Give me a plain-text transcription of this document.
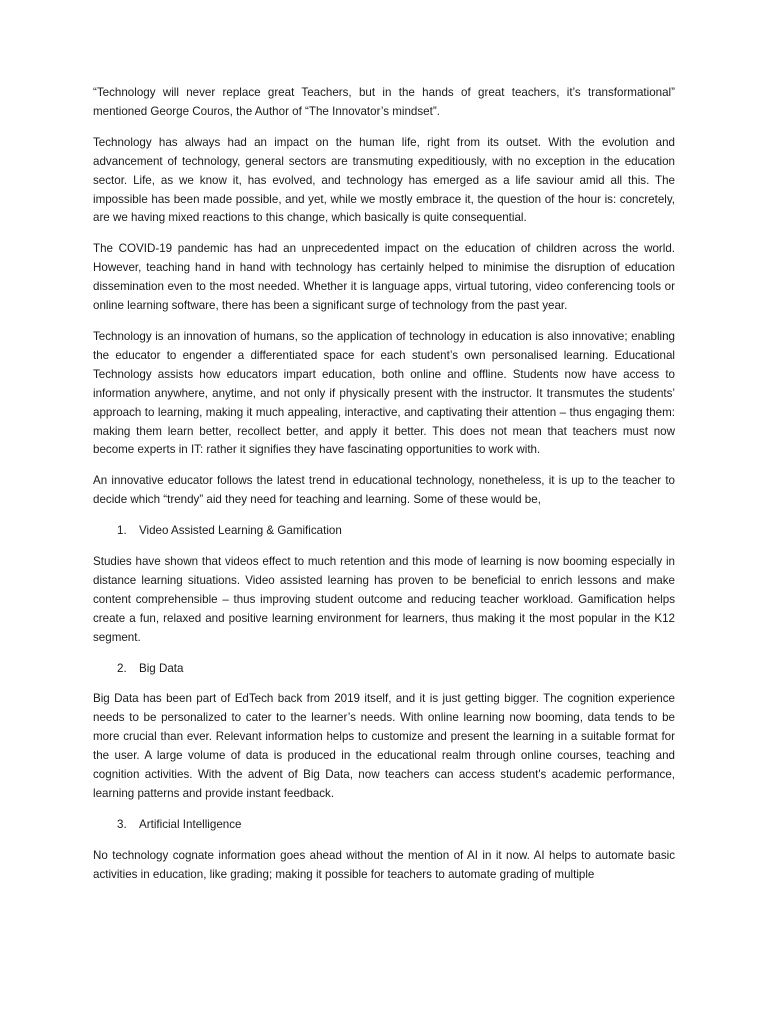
“Technology will never replace great Teachers, but in the hands of great teachers, it’s transformational” mentioned George Couros, the Author of “The Innovator’s mindset”.

Technology has always had an impact on the human life, right from its outset. With the evolution and advancement of technology, general sectors are transmuting expeditiously, with no exception in the education sector. Life, as we know it, has evolved, and technology has emerged as a life saviour amid all this. The impossible has been made possible, and yet, while we mostly embrace it, the question of the hour is: concretely, are we having mixed reactions to this change, which basically is quite consequential.

The COVID-19 pandemic has had an unprecedented impact on the education of children across the world. However, teaching hand in hand with technology has certainly helped to minimise the disruption of education dissemination even to the most needed. Whether it is language apps, virtual tutoring, video conferencing tools or online learning software, there has been a significant surge of technology from the past year.

Technology is an innovation of humans, so the application of technology in education is also innovative; enabling the educator to engender a differentiated space for each student’s own personalised learning. Educational Technology assists how educators impart education, both online and offline. Students now have access to information anywhere, anytime, and not only if physically present with the instructor. It transmutes the students’ approach to learning, making it much appealing, interactive, and captivating their attention – thus engaging them: making them learn better, recollect better, and apply it better. This does not mean that teachers must now become experts in IT: rather it signifies they have fascinating opportunities to work with.

An innovative educator follows the latest trend in educational technology, nonetheless, it is up to the teacher to decide which “trendy” aid they need for teaching and learning. Some of these would be,

1.	Video Assisted Learning & Gamification

Studies have shown that videos effect to much retention and this mode of learning is now booming especially in distance learning situations. Video assisted learning has proven to be beneficial to enrich lessons and make content comprehensible – thus improving student outcome and reducing teacher workload. Gamification helps create a fun, relaxed and positive learning environment for learners, thus making it the most popular in the K12 segment.

2.	Big Data

Big Data has been part of EdTech back from 2019 itself, and it is just getting bigger. The cognition experience needs to be personalized to cater to the learner’s needs. With online learning now booming, data tends to be more crucial than ever. Relevant information helps to customize and present the learning in a suitable format for the user. A large volume of data is produced in the educational realm through online courses, teaching and cognition activities. With the advent of Big Data, now teachers can access student's academic performance, learning patterns and provide instant feedback.

3.	Artificial Intelligence

No technology cognate information goes ahead without the mention of AI in it now. AI helps to automate basic activities in education, like grading; making it possible for teachers to automate grading of multiple
